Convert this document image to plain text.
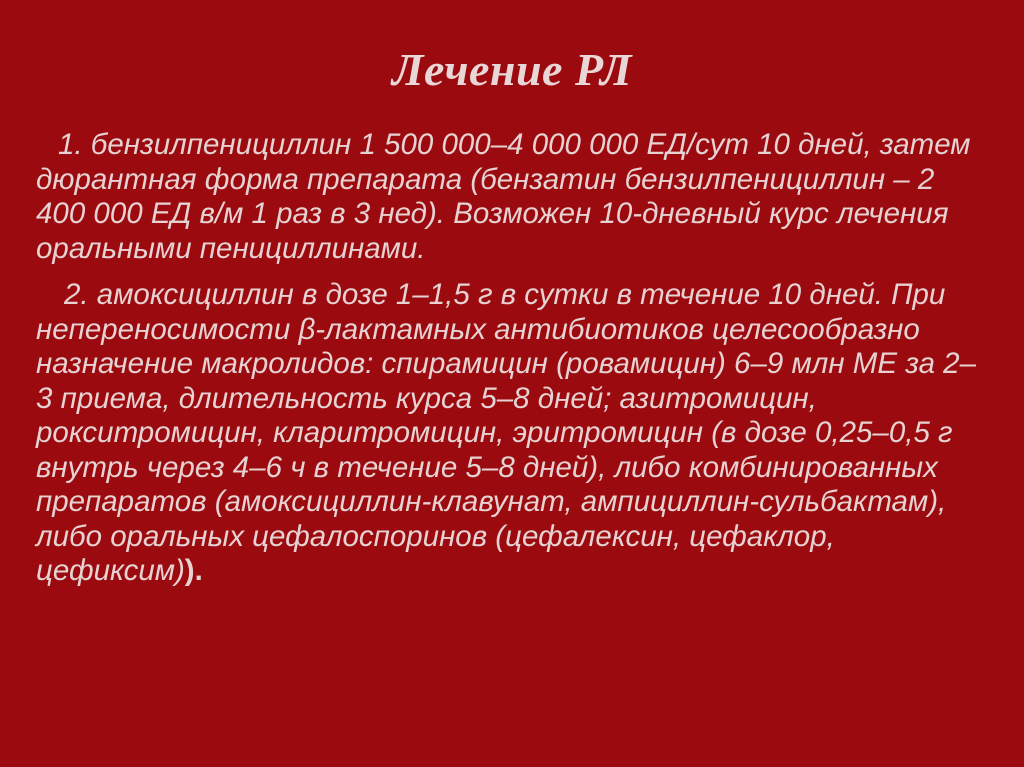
Лечение РЛ

1. бензилпенициллин 1 500 000–4 000 000 ЕД/сут 10 дней, затем дюрантная форма препарата (бензатин бензилпенициллин – 2 400 000 ЕД в/м 1 раз в 3 нед). Возможен 10-дневный курс лечения оральными пенициллинами.

2. амоксициллин в дозе 1–1,5 г в сутки в течение 10 дней. При непереносимости β-лактамных антибиотиков целесообразно назначение макролидов: спирамицин (ровамицин) 6–9 млн МЕ за 2–3 приема, длительность курса 5–8 дней; азитромицин, рокситромицин, кларитромицин, эритромицин (в дозе 0,25–0,5 г внутрь через 4–6 ч в течение 5–8 дней), либо комбинированных препаратов (амоксициллин-клавунат, ампициллин-сульбактам), либо оральных цефалоспоринов (цефалексин, цефаклор, цефиксим)).
